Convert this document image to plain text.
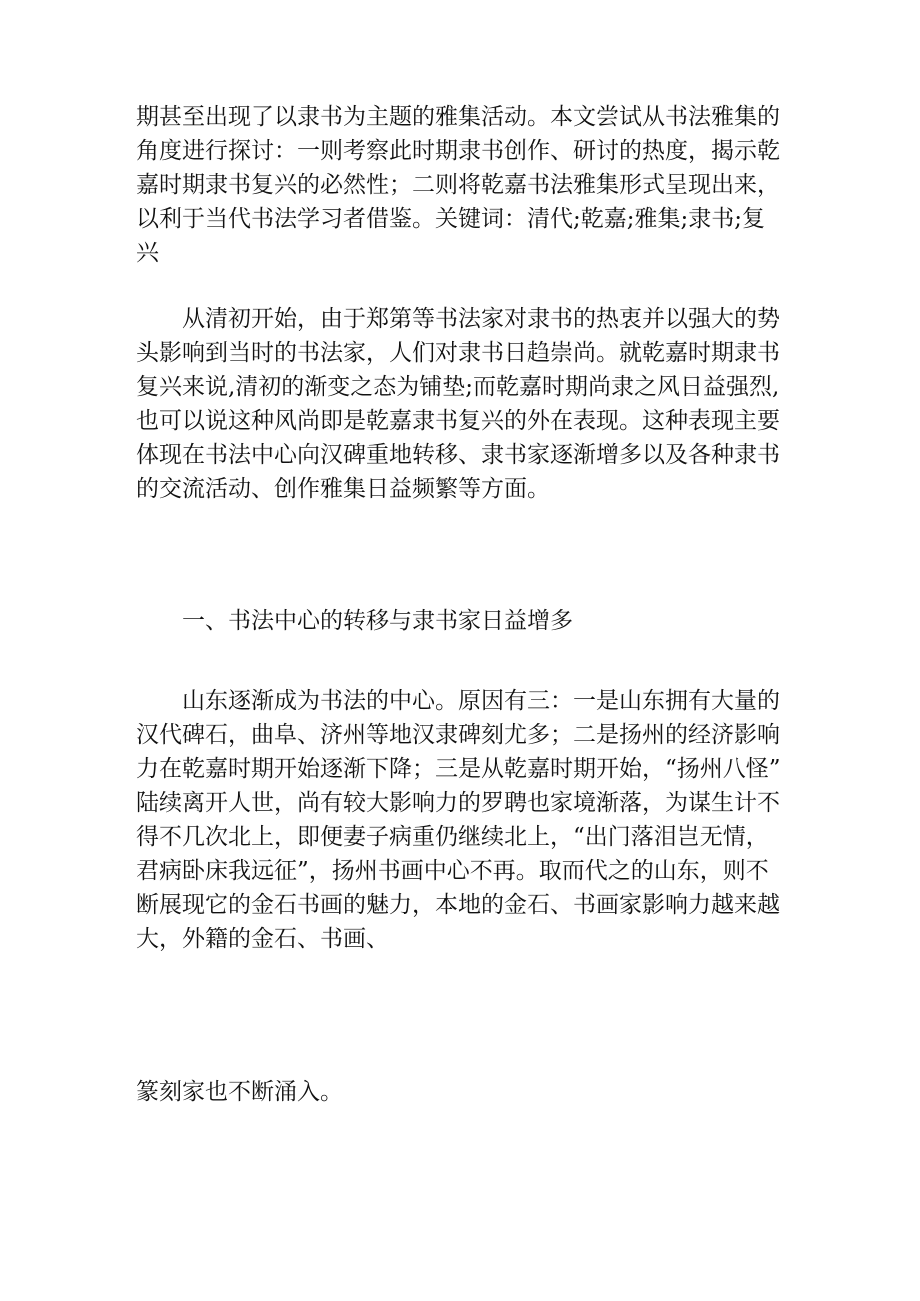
期甚至出现了以隶书为主题的雅集活动。本文尝试从书法雅集的
角度进行探讨：一则考察此时期隶书创作、研讨的热度，揭示乾
嘉时期隶书复兴的必然性；二则将乾嘉书法雅集形式呈现出来，
以利于当代书法学习者借鉴。关键词：清代;乾嘉;雅集;隶书;复
兴
　　从清初开始，由于郑第等书法家对隶书的热衷并以强大的势
头影响到当时的书法家，人们对隶书日趋崇尚。就乾嘉时期隶书
复兴来说,清初的渐变之态为铺垫;而乾嘉时期尚隶之风日益强烈,
也可以说这种风尚即是乾嘉隶书复兴的外在表现。这种表现主要
体现在书法中心向汉碑重地转移、隶书家逐渐增多以及各种隶书
的交流活动、创作雅集日益频繁等方面。
　　一、书法中心的转移与隶书家日益增多
　　山东逐渐成为书法的中心。原因有三：一是山东拥有大量的
汉代碑石，曲阜、济州等地汉隶碑刻尤多；二是扬州的经济影响
力在乾嘉时期开始逐渐下降；三是从乾嘉时期开始，“扬州八怪”
陆续离开人世，尚有较大影响力的罗聘也家境渐落，为谋生计不
得不几次北上，即便妻子病重仍继续北上，“出门落泪岂无情，
君病卧床我远征”，扬州书画中心不再。取而代之的山东，则不
断展现它的金石书画的魅力，本地的金石、书画家影响力越来越
大，外籍的金石、书画、
篆刻家也不断涌入。
